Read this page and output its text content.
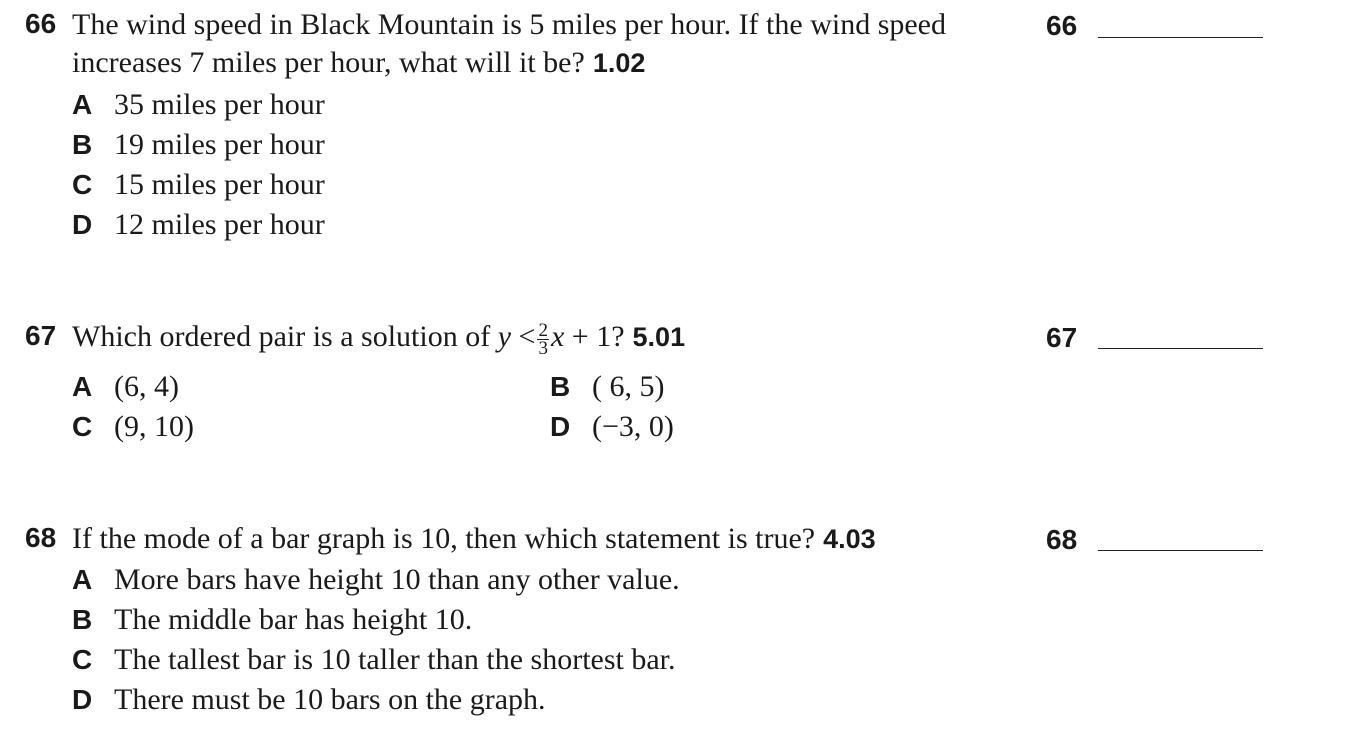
66 The wind speed in Black Mountain is 5 miles per hour. If the wind speed
increases 7 miles per hour, what will it be? 1.02
A 35 miles per hour
B 19 miles per hour
C 15 miles per hour
D 12 miles per hour
66
67 Which ordered pair is a solution of $y < \frac{2}{3}$ x + 1? 5.01
A (6, 4)	B ( 6, 5)
C (9, 10)	D (−3, 0)
67
68 If the mode of a bar graph is 10, then which statement is true? 4.03
A More bars have height 10 than any other value.
B The middle bar has height 10.
C The tallest bar is 10 taller than the shortest bar.
D There must be 10 bars on the graph.
68
